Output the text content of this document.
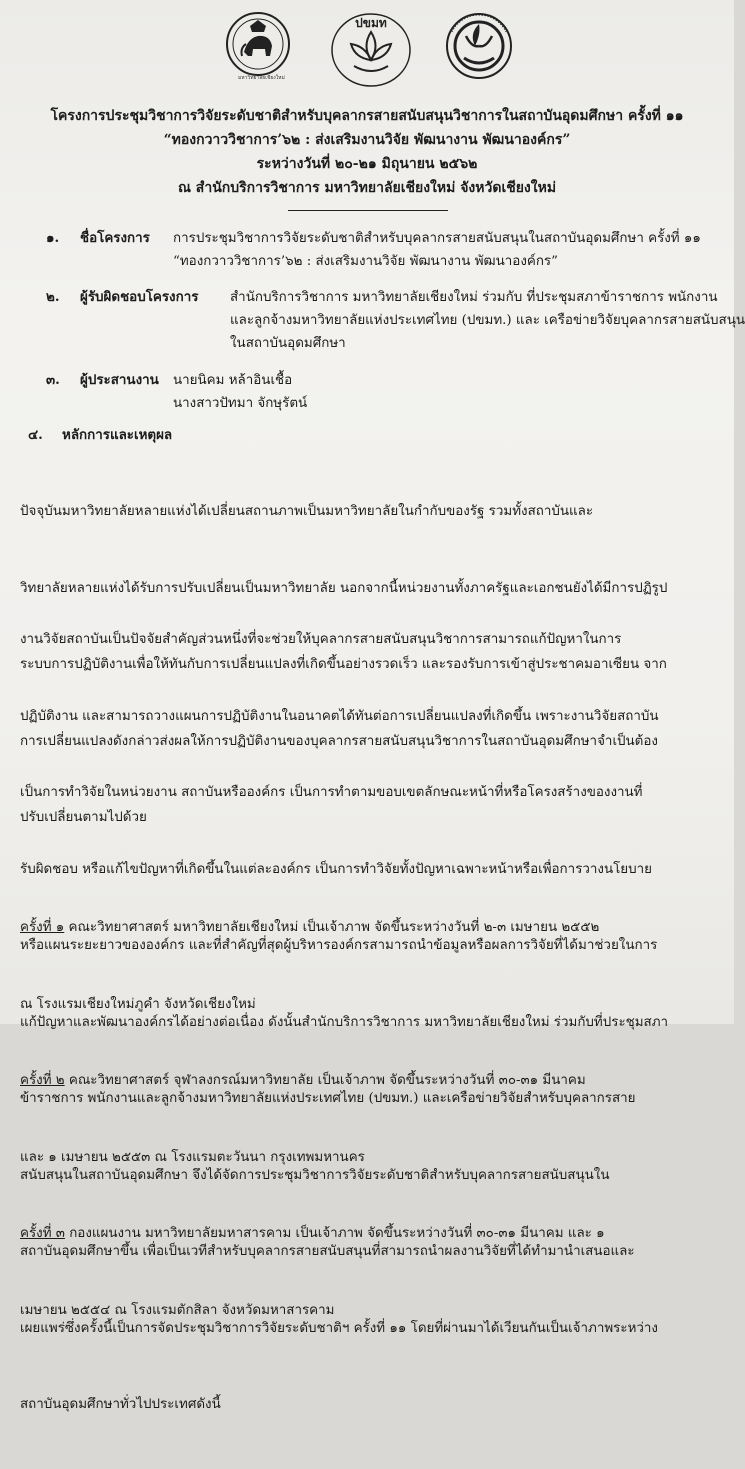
มหาวิทยาลัยเชียงใหม่
ปขมท
โครงการประชุมวิชาการวิจัยระดับชาติสำหรับบุคลากรสายสนับสนุนวิชาการในสถาบันอุดมศึกษา ครั้งที่ ๑๑
“ทองกวาววิชาการ’๖๒ : ส่งเสริมงานวิจัย พัฒนางาน พัฒนาองค์กร”
ระหว่างวันที่ ๒๐-๒๑ มิถุนายน ๒๕๖๒
ณ สำนักบริการวิชาการ มหาวิทยาลัยเชียงใหม่ จังหวัดเชียงใหม่
๑. ชื่อโครงการ การประชุมวิชาการวิจัยระดับชาติสำหรับบุคลากรสายสนับสนุนในสถาบันอุดมศึกษา ครั้งที่ ๑๑
“ทองกวาววิชาการ’๖๒ : ส่งเสริมงานวิจัย พัฒนางาน พัฒนาองค์กร”
๒. ผู้รับผิดชอบโครงการ สำนักบริการวิชาการ มหาวิทยาลัยเชียงใหม่ ร่วมกับ ที่ประชุมสภาข้าราชการ พนักงาน
และลูกจ้างมหาวิทยาลัยแห่งประเทศไทย (ปขมท.) และ เครือข่ายวิจัยบุคลากรสายสนับสนุน
ในสถาบันอุดมศึกษา
๓. ผู้ประสานงาน นายนิคม หล้าอินเชื้อ
นางสาวปัทมา จักษุรัตน์
๔. หลักการและเหตุผล

ปัจจุบันมหาวิทยาลัยหลายแห่งได้เปลี่ยนสถานภาพเป็นมหาวิทยาลัยในกำกับของรัฐ รวมทั้งสถาบันและ

วิทยาลัยหลายแห่งได้รับการปรับเปลี่ยนเป็นมหาวิทยาลัย นอกจากนี้หน่วยงานทั้งภาครัฐและเอกชนยังได้มีการปฏิรูป

ระบบการปฏิบัติงานเพื่อให้ทันกับการเปลี่ยนแปลงที่เกิดขึ้นอย่างรวดเร็ว และรองรับการเข้าสู่ประชาคมอาเซียน จาก

การเปลี่ยนแปลงดังกล่าวส่งผลให้การปฏิบัติงานของบุคลากรสายสนับสนุนวิชาการในสถาบันอุดมศึกษาจำเป็นต้อง

ปรับเปลี่ยนตามไปด้วย

งานวิจัยสถาบันเป็นปัจจัยสำคัญส่วนหนึ่งที่จะช่วยให้บุคลากรสายสนับสนุนวิชาการสามารถแก้ปัญหาในการ

ปฏิบัติงาน และสามารถวางแผนการปฏิบัติงานในอนาคตได้ทันต่อการเปลี่ยนแปลงที่เกิดขึ้น เพราะงานวิจัยสถาบัน

เป็นการทำวิจัยในหน่วยงาน สถาบันหรือองค์กร เป็นการทำตามขอบเขตลักษณะหน้าที่หรือโครงสร้างของงานที่

รับผิดชอบ หรือแก้ไขปัญหาที่เกิดขึ้นในแต่ละองค์กร เป็นการทำวิจัยทั้งปัญหาเฉพาะหน้าหรือเพื่อการวางนโยบาย

หรือแผนระยะยาวขององค์กร และที่สำคัญที่สุดผู้บริหารองค์กรสามารถนำข้อมูลหรือผลการวิจัยที่ได้มาช่วยในการ

แก้ปัญหาและพัฒนาองค์กรได้อย่างต่อเนื่อง ดังนั้นสำนักบริการวิชาการ มหาวิทยาลัยเชียงใหม่ ร่วมกับที่ประชุมสภา

ข้าราชการ พนักงานและลูกจ้างมหาวิทยาลัยแห่งประเทศไทย (ปขมท.) และเครือข่ายวิจัยสำหรับบุคลากรสาย

สนับสนุนในสถาบันอุดมศึกษา จึงได้จัดการประชุมวิชาการวิจัยระดับชาติสำหรับบุคลากรสายสนับสนุนใน

สถาบันอุดมศึกษาขึ้น เพื่อเป็นเวทีสำหรับบุคลากรสายสนับสนุนที่สามารถนำผลงานวิจัยที่ได้ทำมานำเสนอและ

เผยแพร่ซึ่งครั้งนี้เป็นการจัดประชุมวิชาการวิจัยระดับชาติฯ ครั้งที่ ๑๑ โดยที่ผ่านมาได้เวียนกันเป็นเจ้าภาพระหว่าง

สถาบันอุดมศึกษาทั่วไปประเทศดังนี้

ครั้งที่ ๑ คณะวิทยาศาสตร์ มหาวิทยาลัยเชียงใหม่ เป็นเจ้าภาพ จัดขึ้นระหว่างวันที่ ๒-๓ เมษายน ๒๕๕๒

ณ โรงแรมเชียงใหม่ภูคำ จังหวัดเชียงใหม่

ครั้งที่ ๒ คณะวิทยาศาสตร์ จุฬาลงกรณ์มหาวิทยาลัย เป็นเจ้าภาพ จัดขึ้นระหว่างวันที่ ๓๐-๓๑ มีนาคม

และ ๑ เมษายน ๒๕๕๓ ณ โรงแรมตะวันนา กรุงเทพมหานคร

ครั้งที่ ๓ กองแผนงาน มหาวิทยาลัยมหาสารคาม เป็นเจ้าภาพ จัดขึ้นระหว่างวันที่ ๓๐-๓๑ มีนาคม และ ๑

เมษายน ๒๕๕๔ ณ โรงแรมตักสิลา จังหวัดมหาสารคาม
